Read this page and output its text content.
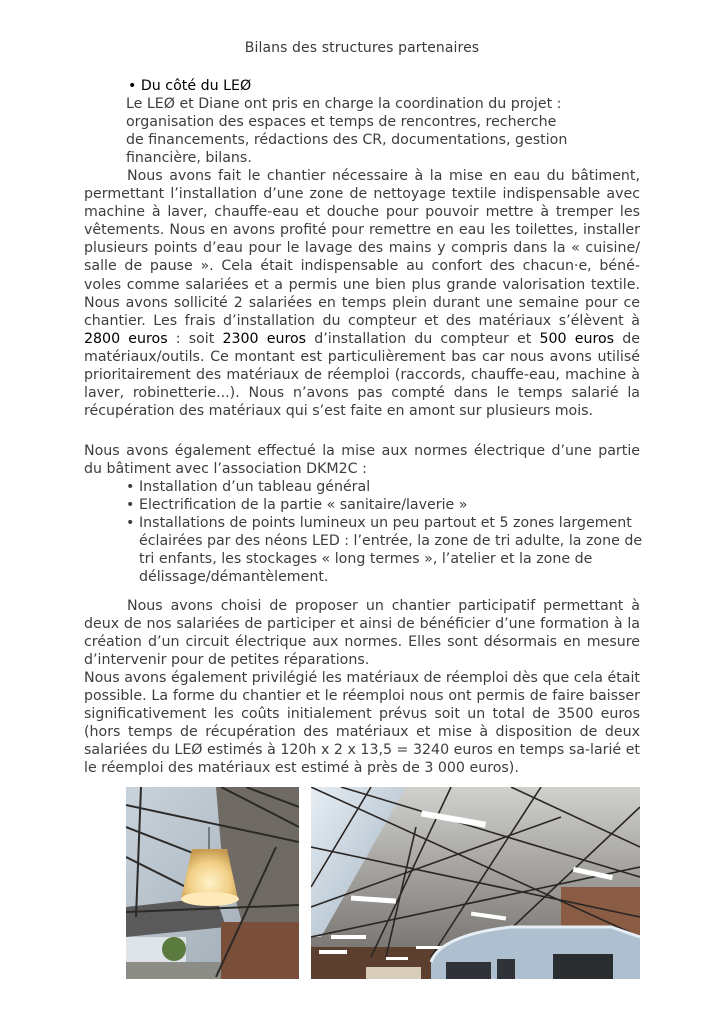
Bilans des structures partenaires
• Du côté du LEØ
Le LEØ et Diane ont pris en charge la coordination du projet :
organisation des espaces et temps de rencontres, recherche
de financements, rédactions des CR, documentations, gestion
financière, bilans.

Nous avons fait le chantier nécessaire à la mise en eau du bâtiment, permettant l’installation d’une zone de nettoyage textile indispensable avec machine à laver, chauffe-eau et douche pour pouvoir mettre à tremper les vêtements. Nous en avons profité pour remettre en eau les toilettes, installer plusieurs points d’eau pour le lavage des mains y compris dans la « cuisine/ salle de pause ». Cela était indispensable au confort des chacun·e, béné-voles comme salariées et a permis une bien plus grande valorisation textile. Nous avons sollicité 2 salariées en temps plein durant une semaine pour ce chantier. Les frais d’installation du compteur et des matériaux s’élèvent à 2800 euros : soit 2300 euros d’installation du compteur et 500 euros de matériaux/outils. Ce montant est particulièrement bas car nous avons utilisé prioritairement des matériaux de réemploi (raccords, chauffe-eau, machine à laver, robinetterie...). Nous n’avons pas compté dans le temps salarié la récupération des matériaux qui s’est faite en amont sur plusieurs mois.

Nous avons également effectué la mise aux normes électrique d’une partie du bâtiment avec l’association DKM2C :

• Installation d’un tableau général
• Electrification de la partie « sanitaire/laverie »
• Installations de points lumineux un peu partout et 5 zones largement éclairées par des néons LED : l’entrée, la zone de tri adulte, la zone de tri enfants, les stockages « long termes », l’atelier et la zone de délissage/démantèlement.

Nous avons choisi de proposer un chantier participatif permettant à deux de nos salariées de participer et ainsi de bénéficier d’une formation à la création d’un circuit électrique aux normes. Elles sont désormais en mesure d’intervenir pour de petites réparations.

Nous avons également privilégié les matériaux de réemploi dès que cela était possible. La forme du chantier et le réemploi nous ont permis de faire baisser significativement les coûts initialement prévus soit un total de 3500 euros (hors temps de récupération des matériaux et mise à disposition de deux salariées du LEØ estimés à 120h x 2 x 13,5 = 3240 euros en temps sa-larié et le réemploi des matériaux est estimé à près de 3 000 euros).
